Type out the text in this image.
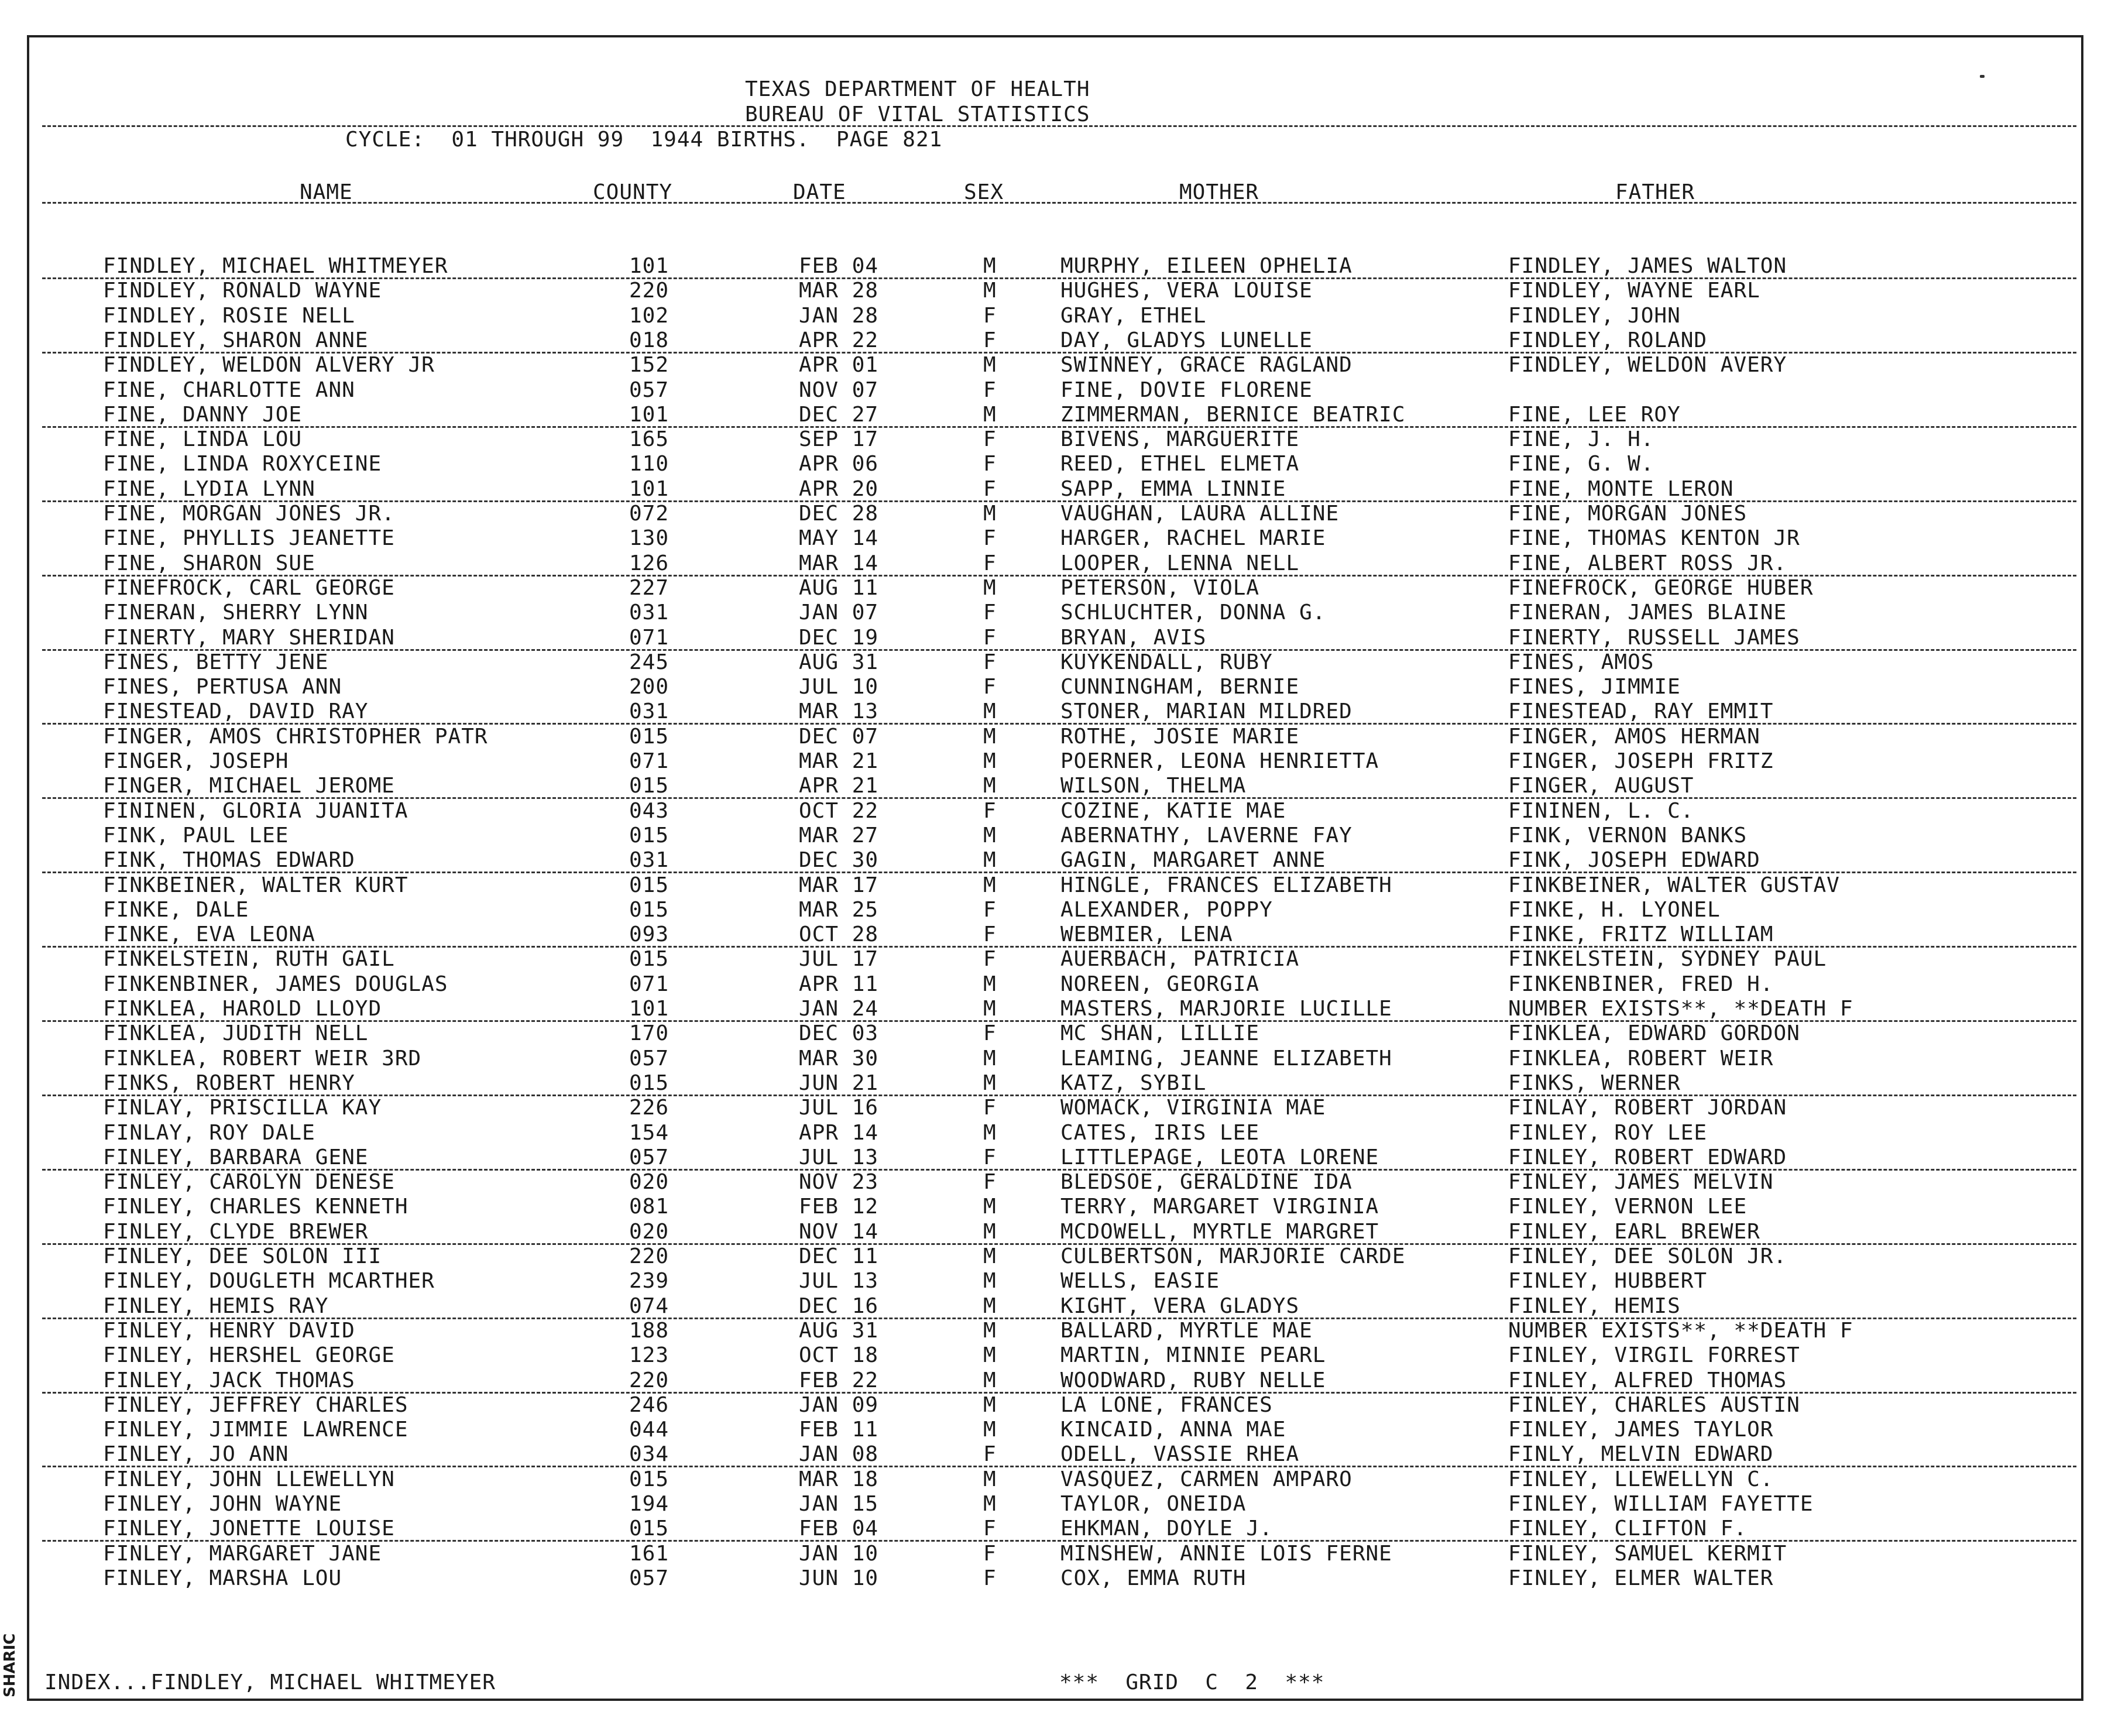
TEXAS DEPARTMENT OF HEALTH
BUREAU OF VITAL STATISTICS
CYCLE:  01 THROUGH 99  1944 BIRTHS.  PAGE 821
NAME	COUNTY	DATE	SEX	MOTHER	FATHER
FINDLEY, MICHAEL WHITMEYER	101	FEB 04	M	MURPHY, EILEEN OPHELIA	FINDLEY, JAMES WALTON
FINDLEY, RONALD WAYNE	220	MAR 28	M	HUGHES, VERA LOUISE	FINDLEY, WAYNE EARL
FINDLEY, ROSIE NELL	102	JAN 28	F	GRAY, ETHEL	FINDLEY, JOHN
FINDLEY, SHARON ANNE	018	APR 22	F	DAY, GLADYS LUNELLE	FINDLEY, ROLAND
FINDLEY, WELDON ALVERY JR	152	APR 01	M	SWINNEY, GRACE RAGLAND	FINDLEY, WELDON AVERY
FINE, CHARLOTTE ANN	057	NOV 07	F	FINE, DOVIE FLORENE
FINE, DANNY JOE	101	DEC 27	M	ZIMMERMAN, BERNICE BEATRIC	FINE, LEE ROY
FINE, LINDA LOU	165	SEP 17	F	BIVENS, MARGUERITE	FINE, J. H.
FINE, LINDA ROXYCEINE	110	APR 06	F	REED, ETHEL ELMETA	FINE, G. W.
FINE, LYDIA LYNN	101	APR 20	F	SAPP, EMMA LINNIE	FINE, MONTE LERON
FINE, MORGAN JONES JR.	072	DEC 28	M	VAUGHAN, LAURA ALLINE	FINE, MORGAN JONES
FINE, PHYLLIS JEANETTE	130	MAY 14	F	HARGER, RACHEL MARIE	FINE, THOMAS KENTON JR
FINE, SHARON SUE	126	MAR 14	F	LOOPER, LENNA NELL	FINE, ALBERT ROSS JR.
FINEFROCK, CARL GEORGE	227	AUG 11	M	PETERSON, VIOLA	FINEFROCK, GEORGE HUBER
FINERAN, SHERRY LYNN	031	JAN 07	F	SCHLUCHTER, DONNA G.	FINERAN, JAMES BLAINE
FINERTY, MARY SHERIDAN	071	DEC 19	F	BRYAN, AVIS	FINERTY, RUSSELL JAMES
FINES, BETTY JENE	245	AUG 31	F	KUYKENDALL, RUBY	FINES, AMOS
FINES, PERTUSA ANN	200	JUL 10	F	CUNNINGHAM, BERNIE	FINES, JIMMIE
FINESTEAD, DAVID RAY	031	MAR 13	M	STONER, MARIAN MILDRED	FINESTEAD, RAY EMMIT
FINGER, AMOS CHRISTOPHER PATR	015	DEC 07	M	ROTHE, JOSIE MARIE	FINGER, AMOS HERMAN
FINGER, JOSEPH	071	MAR 21	M	POERNER, LEONA HENRIETTA	FINGER, JOSEPH FRITZ
FINGER, MICHAEL JEROME	015	APR 21	M	WILSON, THELMA	FINGER, AUGUST
FININEN, GLORIA JUANITA	043	OCT 22	F	COZINE, KATIE MAE	FININEN, L. C.
FINK, PAUL LEE	015	MAR 27	M	ABERNATHY, LAVERNE FAY	FINK, VERNON BANKS
FINK, THOMAS EDWARD	031	DEC 30	M	GAGIN, MARGARET ANNE	FINK, JOSEPH EDWARD
FINKBEINER, WALTER KURT	015	MAR 17	M	HINGLE, FRANCES ELIZABETH	FINKBEINER, WALTER GUSTAV
FINKE, DALE	015	MAR 25	F	ALEXANDER, POPPY	FINKE, H. LYONEL
FINKE, EVA LEONA	093	OCT 28	F	WEBMIER, LENA	FINKE, FRITZ WILLIAM
FINKELSTEIN, RUTH GAIL	015	JUL 17	F	AUERBACH, PATRICIA	FINKELSTEIN, SYDNEY PAUL
FINKENBINER, JAMES DOUGLAS	071	APR 11	M	NOREEN, GEORGIA	FINKENBINER, FRED H.
FINKLEA, HAROLD LLOYD	101	JAN 24	M	MASTERS, MARJORIE LUCILLE	NUMBER EXISTS**, **DEATH F
FINKLEA, JUDITH NELL	170	DEC 03	F	MC SHAN, LILLIE	FINKLEA, EDWARD GORDON
FINKLEA, ROBERT WEIR 3RD	057	MAR 30	M	LEAMING, JEANNE ELIZABETH	FINKLEA, ROBERT WEIR
FINKS, ROBERT HENRY	015	JUN 21	M	KATZ, SYBIL	FINKS, WERNER
FINLAY, PRISCILLA KAY	226	JUL 16	F	WOMACK, VIRGINIA MAE	FINLAY, ROBERT JORDAN
FINLAY, ROY DALE	154	APR 14	M	CATES, IRIS LEE	FINLEY, ROY LEE
FINLEY, BARBARA GENE	057	JUL 13	F	LITTLEPAGE, LEOTA LORENE	FINLEY, ROBERT EDWARD
FINLEY, CAROLYN DENESE	020	NOV 23	F	BLEDSOE, GERALDINE IDA	FINLEY, JAMES MELVIN
FINLEY, CHARLES KENNETH	081	FEB 12	M	TERRY, MARGARET VIRGINIA	FINLEY, VERNON LEE
FINLEY, CLYDE BREWER	020	NOV 14	M	MCDOWELL, MYRTLE MARGRET	FINLEY, EARL BREWER
FINLEY, DEE SOLON III	220	DEC 11	M	CULBERTSON, MARJORIE CARDE	FINLEY, DEE SOLON JR.
FINLEY, DOUGLETH MCARTHER	239	JUL 13	M	WELLS, EASIE	FINLEY, HUBBERT
FINLEY, HEMIS RAY	074	DEC 16	M	KIGHT, VERA GLADYS	FINLEY, HEMIS
FINLEY, HENRY DAVID	188	AUG 31	M	BALLARD, MYRTLE MAE	NUMBER EXISTS**, **DEATH F
FINLEY, HERSHEL GEORGE	123	OCT 18	M	MARTIN, MINNIE PEARL	FINLEY, VIRGIL FORREST
FINLEY, JACK THOMAS	220	FEB 22	M	WOODWARD, RUBY NELLE	FINLEY, ALFRED THOMAS
FINLEY, JEFFREY CHARLES	246	JAN 09	M	LA LONE, FRANCES	FINLEY, CHARLES AUSTIN
FINLEY, JIMMIE LAWRENCE	044	FEB 11	M	KINCAID, ANNA MAE	FINLEY, JAMES TAYLOR
FINLEY, JO ANN	034	JAN 08	F	ODELL, VASSIE RHEA	FINLY, MELVIN EDWARD
FINLEY, JOHN LLEWELLYN	015	MAR 18	M	VASQUEZ, CARMEN AMPARO	FINLEY, LLEWELLYN C.
FINLEY, JOHN WAYNE	194	JAN 15	M	TAYLOR, ONEIDA	FINLEY, WILLIAM FAYETTE
FINLEY, JONETTE LOUISE	015	FEB 04	F	EHKMAN, DOYLE J.	FINLEY, CLIFTON F.
FINLEY, MARGARET JANE	161	JAN 10	F	MINSHEW, ANNIE LOIS FERNE	FINLEY, SAMUEL KERMIT
FINLEY, MARSHA LOU	057	JUN 10	F	COX, EMMA RUTH	FINLEY, ELMER WALTER
INDEX...FINDLEY, MICHAEL WHITMEYER	***  GRID  C  2  ***
SHARIC
